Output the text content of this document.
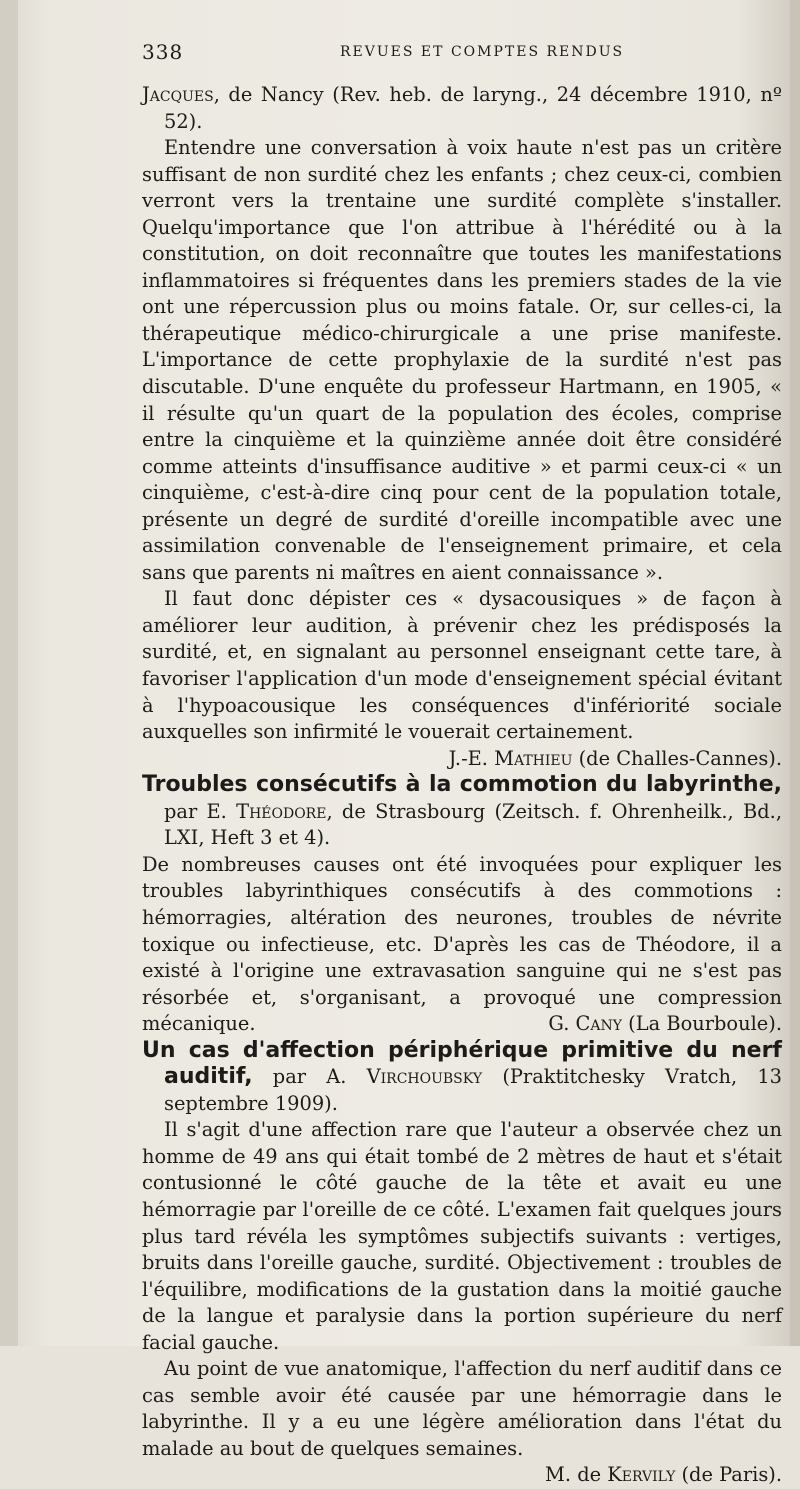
338	REVUES ET COMPTES RENDUS

Jacques, de Nancy (Rev. heb. de laryng., 24 décembre 1910, nº 52).

Entendre une conversation à voix haute n'est pas un critère suffisant de non surdité chez les enfants ; chez ceux-ci, combien verront vers la trentaine une surdité complète s'installer. Quelqu'importance que l'on attribue à l'hérédité ou à la constitution, on doit reconnaître que toutes les manifestations inflammatoires si fréquentes dans les premiers stades de la vie ont une répercussion plus ou moins fatale. Or, sur celles-ci, la thérapeutique médico-chirurgicale a une prise manifeste. L'importance de cette prophylaxie de la surdité n'est pas discutable. D'une enquête du professeur Hartmann, en 1905, « il résulte qu'un quart de la population des écoles, comprise entre la cinquième et la quinzième année doit être considéré comme atteints d'insuffisance auditive » et parmi ceux-ci « un cinquième, c'est-à-dire cinq pour cent de la population totale, présente un degré de surdité d'oreille incompatible avec une assimilation convenable de l'enseignement primaire, et cela sans que parents ni maîtres en aient connaissance ».

Il faut donc dépister ces « dysacousiques » de façon à améliorer leur audition, à prévenir chez les prédisposés la surdité, et, en signalant au personnel enseignant cette tare, à favoriser l'application d'un mode d'enseignement spécial évitant à l'hypoacousique les conséquences d'infériorité sociale auxquelles son infirmité le vouerait certainement.
J.-E. Mathieu (de Challes-Cannes).

Troubles consécutifs à la commotion du labyrinthe, par E. Théodore, de Strasbourg (Zeitsch. f. Ohrenheilk., Bd., LXI, Heft 3 et 4).

De nombreuses causes ont été invoquées pour expliquer les troubles labyrinthiques consécutifs à des commotions : hémorragies, altération des neurones, troubles de névrite toxique ou infectieuse, etc. D'après les cas de Théodore, il a existé à l'origine une extravasation sanguine qui ne s'est pas résorbée et, s'organisant, a provoqué une compression mécanique.	G. Cany (La Bourboule).

Un cas d'affection périphérique primitive du nerf auditif, par A. Virchoubsky (Praktitchesky Vratch, 13 septembre 1909).

Il s'agit d'une affection rare que l'auteur a observée chez un homme de 49 ans qui était tombé de 2 mètres de haut et s'était contusionné le côté gauche de la tête et avait eu une hémorragie par l'oreille de ce côté. L'examen fait quelques jours plus tard révéla les symptômes subjectifs suivants : vertiges, bruits dans l'oreille gauche, surdité. Objectivement : troubles de l'équilibre, modifications de la gustation dans la moitié gauche de la langue et paralysie dans la portion supérieure du nerf facial gauche.

Au point de vue anatomique, l'affection du nerf auditif dans ce cas semble avoir été causée par une hémorragie dans le labyrinthe. Il y a eu une légère amélioration dans l'état du malade au bout de quelques semaines.
M. de Kervily (de Paris).
